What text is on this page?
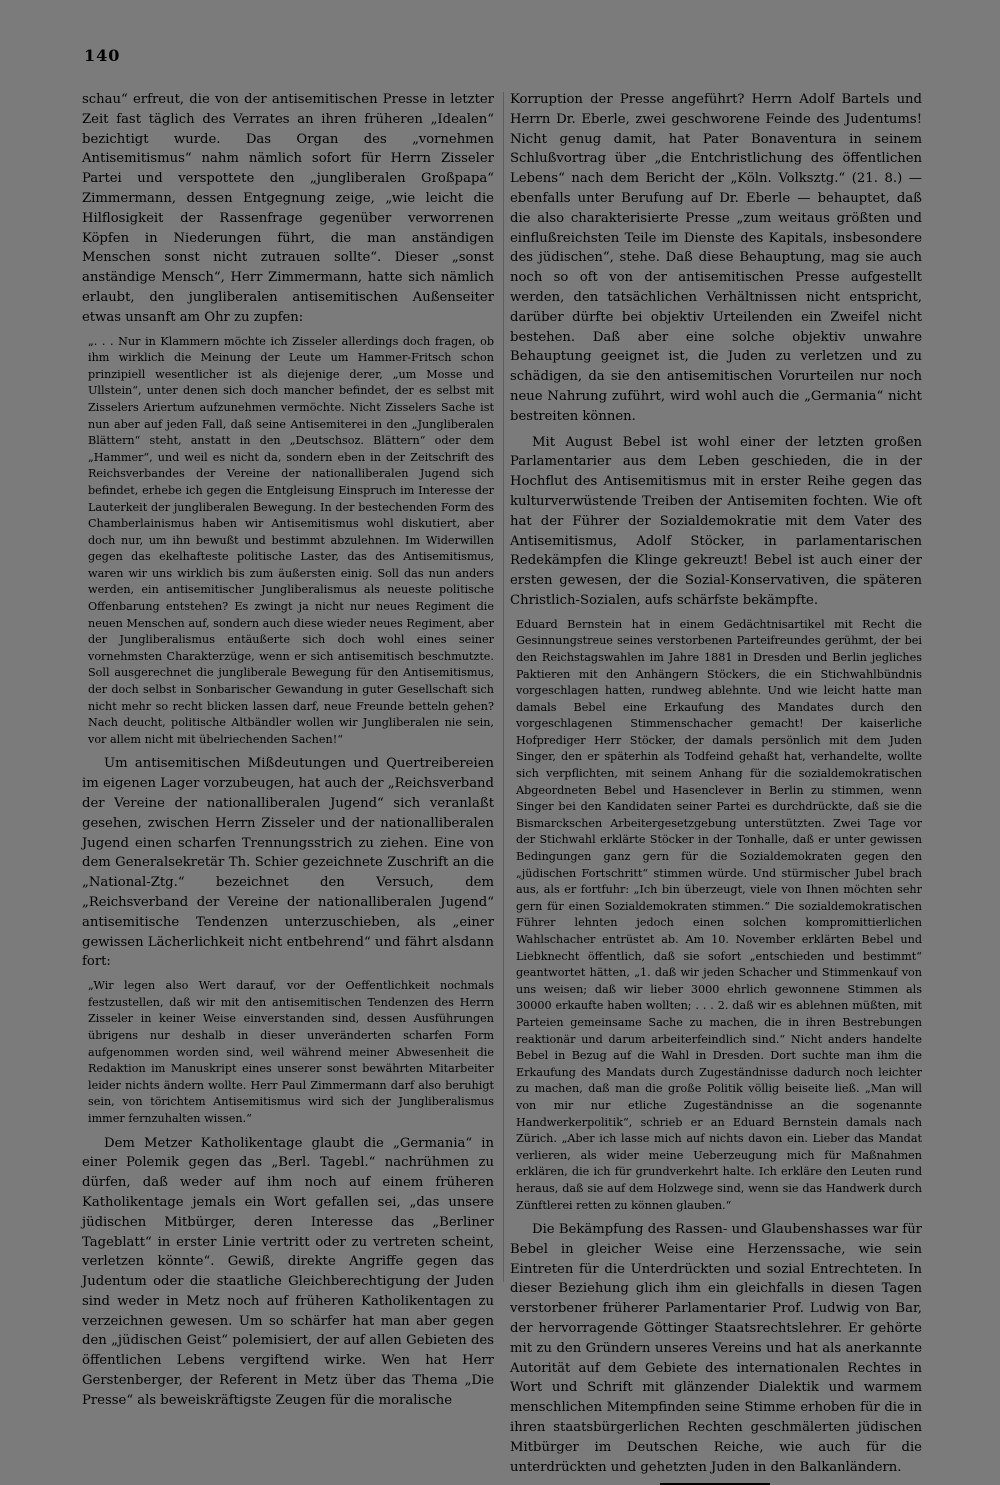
140

schau“ erfreut, die von der antisemitischen Presse in letzter Zeit fast täglich des Verrates an ihren früheren „Idealen“ bezichtigt wurde. Das Organ des „vornehmen Antisemitismus“ nahm nämlich sofort für Herrn Zisseler Partei und verspottete den „jungliberalen Großpapa“ Zimmermann, dessen Entgegnung zeige, „wie leicht die Hilflosigkeit der Rassenfrage gegenüber verworrenen Köpfen in Niederungen führt, die man anständigen Menschen sonst nicht zutrauen sollte“. Dieser „sonst anständige Mensch“, Herr Zimmermann, hatte sich nämlich erlaubt, den jungliberalen antisemitischen Außenseiter etwas unsanft am Ohr zu zupfen:

„. . . Nur in Klammern möchte ich Zisseler allerdings doch fragen, ob ihm wirklich die Meinung der Leute um Hammer-Fritsch schon prinzipiell wesentlicher ist als diejenige derer, „um Mosse und Ullstein“, unter denen sich doch mancher befindet, der es selbst mit Zisselers Ariertum aufzunehmen vermöchte. Nicht Zisselers Sache ist nun aber auf jeden Fall, daß seine Antisemiterei in den „Jungliberalen Blättern“ steht, anstatt in den „Deutschsoz. Blättern“ oder dem „Hammer“, und weil es nicht da, sondern eben in der Zeitschrift des Reichsverbandes der Vereine der nationalliberalen Jugend sich befindet, erhebe ich gegen die Entgleisung Einspruch im Interesse der Lauterkeit der jungliberalen Bewegung. In der bestechenden Form des Chamberlainismus haben wir Antisemitismus wohl diskutiert, aber doch nur, um ihn bewußt und bestimmt abzulehnen. Im Widerwillen gegen das ekelhafteste politische Laster, das des Antisemitismus, waren wir uns wirklich bis zum äußersten einig. Soll das nun anders werden, ein antisemitischer Jungliberalismus als neueste politische Offenbarung entstehen? Es zwingt ja nicht nur neues Regiment die neuen Menschen auf, sondern auch diese wieder neues Regiment, aber der Jungliberalismus entäußerte sich doch wohl eines seiner vornehmsten Charakterzüge, wenn er sich antisemitisch beschmutzte. Soll ausgerechnet die jungliberale Bewegung für den Antisemitismus, der doch selbst in Sonbarischer Gewandung in guter Gesellschaft sich nicht mehr so recht blicken lassen darf, neue Freunde betteln gehen? Nach deucht, politische Altbändler wollen wir Jungliberalen nie sein, vor allem nicht mit übelriechenden Sachen!“

Um antisemitischen Mißdeutungen und Quertreibereien im eigenen Lager vorzubeugen, hat auch der „Reichsverband der Vereine der nationalliberalen Jugend“ sich veranlaßt gesehen, zwischen Herrn Zisseler und der nationalliberalen Jugend einen scharfen Trennungsstrich zu ziehen. Eine von dem Generalsekretär Th. Schier gezeichnete Zuschrift an die „National-Ztg.“ bezeichnet den Versuch, dem „Reichsverband der Vereine der nationalliberalen Jugend“ antisemitische Tendenzen unterzuschieben, als „einer gewissen Lächerlichkeit nicht entbehrend“ und fährt alsdann fort:

„Wir legen also Wert darauf, vor der Oeffentlichkeit nochmals festzustellen, daß wir mit den antisemitischen Tendenzen des Herrn Zisseler in keiner Weise einverstanden sind, dessen Ausführungen übrigens nur deshalb in dieser unveränderten scharfen Form aufgenommen worden sind, weil während meiner Abwesenheit die Redaktion im Manuskript eines unserer sonst bewährten Mitarbeiter leider nichts ändern wollte. Herr Paul Zimmermann darf also beruhigt sein, von törichtem Antisemitismus wird sich der Jungliberalismus immer fernzuhalten wissen.“

Dem Metzer Katholikentage glaubt die „Germania“ in einer Polemik gegen das „Berl. Tagebl.“ nachrühmen zu dürfen, daß weder auf ihm noch auf einem früheren Katholikentage jemals ein Wort gefallen sei, „das unsere jüdischen Mitbürger, deren Interesse das „Berliner Tageblatt“ in erster Linie vertritt oder zu vertreten scheint, verletzen könnte“. Gewiß, direkte Angriffe gegen das Judentum oder die staatliche Gleichberechtigung der Juden sind weder in Metz noch auf früheren Katholikentagen zu verzeichnen gewesen. Um so schärfer hat man aber gegen den „jüdischen Geist“ polemisiert, der auf allen Gebieten des öffentlichen Lebens vergiftend wirke. Wen hat Herr Gerstenberger, der Referent in Metz über das Thema „Die Presse“ als beweiskräftigste Zeugen für die moralische

Korruption der Presse angeführt? Herrn Adolf Bartels und Herrn Dr. Eberle, zwei geschworene Feinde des Judentums! Nicht genug damit, hat Pater Bonaventura in seinem Schlußvortrag über „die Entchristlichung des öffentlichen Lebens“ nach dem Bericht der „Köln. Volksztg.“ (21. 8.) — ebenfalls unter Berufung auf Dr. Eberle — behauptet, daß die also charakterisierte Presse „zum weitaus größten und einflußreichsten Teile im Dienste des Kapitals, insbesondere des jüdischen“, stehe. Daß diese Behauptung, mag sie auch noch so oft von der antisemitischen Presse aufgestellt werden, den tatsächlichen Verhältnissen nicht entspricht, darüber dürfte bei objektiv Urteilenden ein Zweifel nicht bestehen. Daß aber eine solche objektiv unwahre Behauptung geeignet ist, die Juden zu verletzen und zu schädigen, da sie den antisemitischen Vorurteilen nur noch neue Nahrung zuführt, wird wohl auch die „Germania“ nicht bestreiten können.

Mit August Bebel ist wohl einer der letzten großen Parlamentarier aus dem Leben geschieden, die in der Hochflut des Antisemitismus mit in erster Reihe gegen das kulturverwüstende Treiben der Antisemiten fochten. Wie oft hat der Führer der Sozialdemokratie mit dem Vater des Antisemitismus, Adolf Stöcker, in parlamentarischen Redekämpfen die Klinge gekreuzt! Bebel ist auch einer der ersten gewesen, der die Sozial-Konservativen, die späteren Christlich-Sozialen, aufs schärfste bekämpfte.

Eduard Bernstein hat in einem Gedächtnisartikel mit Recht die Gesinnungstreue seines verstorbenen Parteifreundes gerühmt, der bei den Reichstagswahlen im Jahre 1881 in Dresden und Berlin jegliches Paktieren mit den Anhängern Stöckers, die ein Stichwahlbündnis vorgeschlagen hatten, rundweg ablehnte. Und wie leicht hatte man damals Bebel eine Erkaufung des Mandates durch den vorgeschlagenen Stimmenschacher gemacht! Der kaiserliche Hofprediger Herr Stöcker, der damals persönlich mit dem Juden Singer, den er späterhin als Todfeind gehaßt hat, verhandelte, wollte sich verpflichten, mit seinem Anhang für die sozialdemokratischen Abgeordneten Bebel und Hasenclever in Berlin zu stimmen, wenn Singer bei den Kandidaten seiner Partei es durchdrückte, daß sie die Bismarckschen Arbeitergesetzgebung unterstützten. Zwei Tage vor der Stichwahl erklärte Stöcker in der Tonhalle, daß er unter gewissen Bedingungen ganz gern für die Sozialdemokraten gegen den „jüdischen Fortschritt“ stimmen würde. Und stürmischer Jubel brach aus, als er fortfuhr: „Ich bin überzeugt, viele von Ihnen möchten sehr gern für einen Sozialdemokraten stimmen.“ Die sozialdemokratischen Führer lehnten jedoch einen solchen kompromittierlichen Wahlschacher entrüstet ab. Am 10. November erklärten Bebel und Liebknecht öffentlich, daß sie sofort „entschieden und bestimmt“ geantwortet hätten, „1. daß wir jeden Schacher und Stimmenkauf von uns weisen; daß wir lieber 3000 ehrlich gewonnene Stimmen als 30000 erkaufte haben wollten; . . . 2. daß wir es ablehnen müßten, mit Parteien gemeinsame Sache zu machen, die in ihren Bestrebungen reaktionär und darum arbeiterfeindlich sind.“ Nicht anders handelte Bebel in Bezug auf die Wahl in Dresden. Dort suchte man ihm die Erkaufung des Mandats durch Zugeständnisse dadurch noch leichter zu machen, daß man die große Politik völlig beiseite ließ. „Man will von mir nur etliche Zugeständnisse an die sogenannte Handwerkerpolitik“, schrieb er an Eduard Bernstein damals nach Zürich. „Aber ich lasse mich auf nichts davon ein. Lieber das Mandat verlieren, als wider meine Ueberzeugung mich für Maßnahmen erklären, die ich für grundverkehrt halte. Ich erkläre den Leuten rund heraus, daß sie auf dem Holzwege sind, wenn sie das Handwerk durch Zünftlerei retten zu können glauben.“

Die Bekämpfung des Rassen- und Glaubenshasses war für Bebel in gleicher Weise eine Herzenssache, wie sein Eintreten für die Unterdrückten und sozial Entrechteten. In dieser Beziehung glich ihm ein gleichfalls in diesen Tagen verstorbener früherer Parlamentarier Prof. Ludwig von Bar, der hervorragende Göttinger Staatsrechtslehrer. Er gehörte mit zu den Gründern unseres Vereins und hat als anerkannte Autorität auf dem Gebiete des internationalen Rechtes in Wort und Schrift mit glänzender Dialektik und warmem menschlichen Mitempfinden seine Stimme erhoben für die in ihren staatsbürgerlichen Rechten geschmälerten jüdischen Mitbürger im Deutschen Reiche, wie auch für die unterdrückten und gehetzten Juden in den Balkanländern.
